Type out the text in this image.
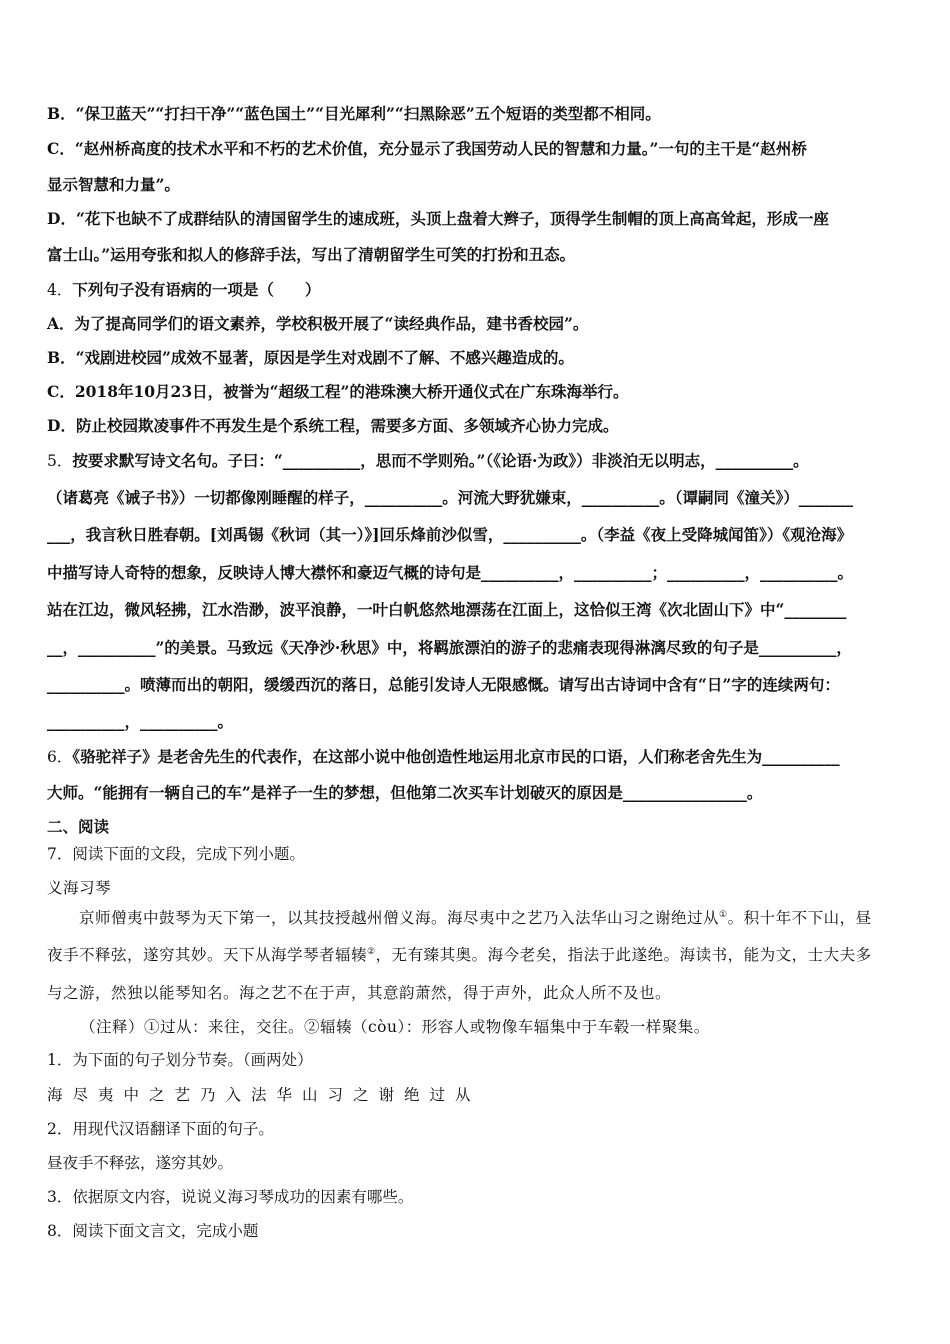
B．“保卫蓝天”“打扫干净”“蓝色国土”“目光犀利”“扫黑除恶”五个短语的类型都不相同。
C．“赵州桥高度的技术水平和不朽的艺术价值，充分显示了我国劳动人民的智慧和力量。”一句的主干是“赵州桥
显示智慧和力量”。
D．“花下也缺不了成群结队的清国留学生的速成班，头顶上盘着大辫子，顶得学生制帽的顶上高高耸起，形成一座
富士山。”运用夸张和拟人的修辞手法，写出了清朝留学生可笑的打扮和丑态。
4．下列句子没有语病的一项是（　　）
A．为了提高同学们的语文素养，学校积极开展了“读经典作品，建书香校园”。
B．“戏剧进校园”成效不显著，原因是学生对戏剧不了解、不感兴趣造成的。
C．2018年10月23日，被誉为“超级工程”的港珠澳大桥开通仪式在广东珠海举行。
D．防止校园欺凌事件不再发生是个系统工程，需要多方面、多领域齐心协力完成。
5．按要求默写诗文名句。子曰：“__________，思而不学则殆。”（《论语·为政》）非淡泊无以明志，__________。
（诸葛亮《诫子书》）一切都像刚睡醒的样子，__________。河流大野犹嫌束，__________。（谭嗣同《潼关》）_______
___，我言秋日胜春朝。[刘禹锡《秋词（其一）》]回乐烽前沙似雪，__________。（李益《夜上受降城闻笛》）《观沧海》
中描写诗人奇特的想象，反映诗人博大襟怀和豪迈气概的诗句是__________，__________；__________，__________。
站在江边，微风轻拂，江水浩渺，波平浪静，一叶白帆悠然地漂荡在江面上，这恰似王湾《次北固山下》中“________
__，__________”的美景。马致远《天净沙·秋思》中，将羁旅漂泊的游子的悲痛表现得淋漓尽致的句子是__________，
__________。喷薄而出的朝阳，缓缓西沉的落日，总能引发诗人无限感慨。请写出古诗词中含有“日”字的连续两句：
__________，__________。
6．《骆驼祥子》是老舍先生的代表作，在这部小说中他创造性地运用北京市民的口语，人们称老舍先生为__________
大师。“能拥有一辆自己的车”是祥子一生的梦想，但他第二次买车计划破灭的原因是________________。
二、阅读
7．阅读下面的文段，完成下列小题。
义海习琴
京师僧夷中鼓琴为天下第一，以其技授越州僧义海。海尽夷中之艺乃入法华山习之谢绝过从①。积十年不下山，昼
夜手不释弦，遂穷其妙。天下从海学琴者辐辏②，无有臻其奥。海今老矣，指法于此遂绝。海读书，能为文，士大夫多
与之游，然独以能琴知名。海之艺不在于声，其意韵萧然，得于声外，此众人所不及也。
（注释）①过从：来往，交往。②辐辏（còu）：形容人或物像车辐集中于车毂一样聚集。
1．为下面的句子划分节奏。（画两处）
海尽夷中之艺乃入法华山习之谢绝过从
2．用现代汉语翻译下面的句子。
昼夜手不释弦，遂穷其妙。
3．依据原文内容，说说义海习琴成功的因素有哪些。
8．阅读下面文言文，完成小题
